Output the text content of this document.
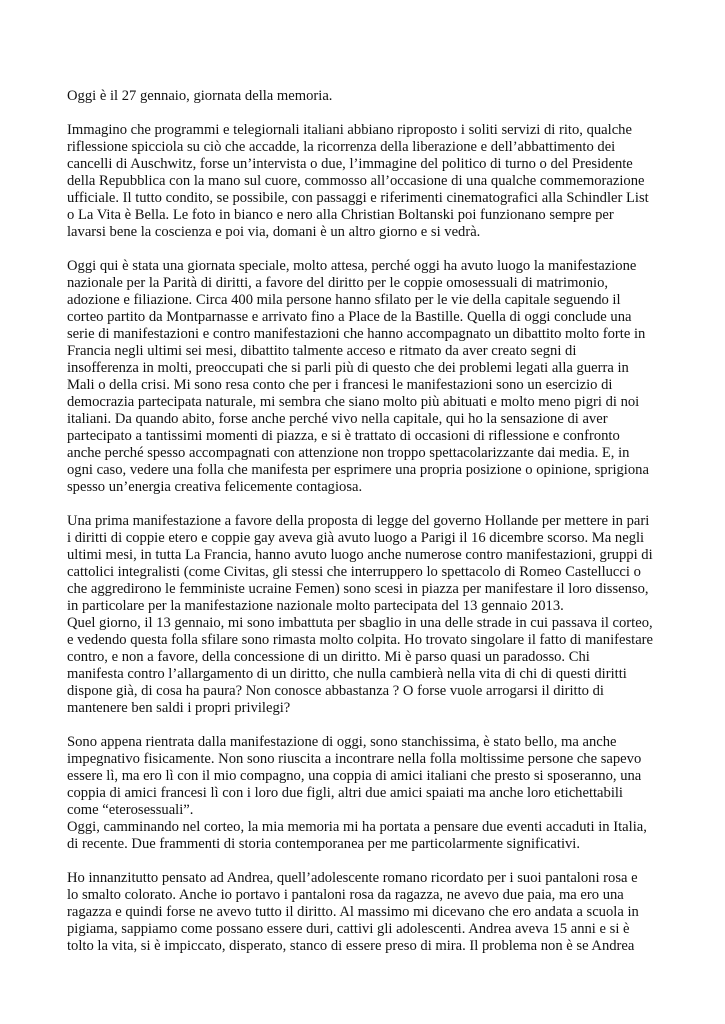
Oggi è il 27 gennaio, giornata della memoria.
Immagino che programmi e telegiornali italiani abbiano riproposto i soliti servizi di rito, qualche
riflessione spicciola su ciò che accadde, la ricorrenza della liberazione e dell’abbattimento dei
cancelli di Auschwitz, forse un’intervista o due, l’immagine del politico di turno o del Presidente
della Repubblica con la mano sul cuore, commosso all’occasione di una qualche commemorazione
ufficiale. Il tutto condito, se possibile, con passaggi e riferimenti cinematografici alla Schindler List
o La Vita è Bella. Le foto in bianco e nero alla Christian Boltanski poi funzionano sempre per
lavarsi bene la coscienza e poi via, domani è un altro giorno e si vedrà.
Oggi qui è stata una giornata speciale, molto attesa, perché oggi ha avuto luogo la manifestazione
nazionale per la Parità di diritti, a favore del diritto per le coppie omosessuali di matrimonio,
adozione e filiazione. Circa 400 mila persone hanno sfilato per le vie della capitale seguendo il
corteo partito da Montparnasse e arrivato fino a Place de la Bastille. Quella di oggi conclude una
serie di manifestazioni e contro manifestazioni che hanno accompagnato un dibattito molto forte in
Francia negli ultimi sei mesi, dibattito talmente acceso e ritmato da aver creato segni di
insofferenza in molti, preoccupati che si parli più di questo che dei problemi legati alla guerra in
Mali o della crisi. Mi sono resa conto che per i francesi le manifestazioni sono un esercizio di
democrazia partecipata naturale, mi sembra che siano molto più abituati e molto meno pigri di noi
italiani. Da quando abito, forse anche perché vivo nella capitale, qui ho la sensazione di aver
partecipato a tantissimi momenti di piazza, e si è trattato di occasioni di riflessione e confronto
anche perché spesso accompagnati con attenzione non troppo spettacolarizzante dai media. E, in
ogni caso, vedere una folla che manifesta per esprimere una propria posizione o opinione, sprigiona
spesso un’energia creativa felicemente contagiosa.
Una prima manifestazione a favore della proposta di legge del governo Hollande per mettere in pari
i diritti di coppie etero e coppie gay aveva già avuto luogo a Parigi il 16 dicembre scorso. Ma negli
ultimi mesi, in tutta La Francia, hanno avuto luogo anche numerose contro manifestazioni, gruppi di
cattolici integralisti (come Civitas, gli stessi che interruppero lo spettacolo di Romeo Castellucci o
che aggredirono le femministe ucraine Femen) sono scesi in piazza per manifestare il loro dissenso,
in particolare per la manifestazione nazionale molto partecipata del 13 gennaio 2013.
Quel giorno, il 13 gennaio, mi sono imbattuta per sbaglio in una delle strade in cui passava il corteo,
e vedendo questa folla sfilare sono rimasta molto colpita. Ho trovato singolare il fatto di manifestare
contro, e non a favore, della concessione di un diritto. Mi è parso quasi un paradosso. Chi
manifesta contro l’allargamento di un diritto, che nulla cambierà nella vita di chi di questi diritti
dispone già, di cosa ha paura? Non conosce abbastanza ? O forse vuole arrogarsi il diritto di
mantenere ben saldi i propri privilegi?
Sono appena rientrata dalla manifestazione di oggi, sono stanchissima, è stato bello, ma anche
impegnativo fisicamente. Non sono riuscita a incontrare nella folla moltissime persone che sapevo
essere lì, ma ero lì con il mio compagno, una coppia di amici italiani che presto si sposeranno, una
coppia di amici francesi lì con i loro due figli, altri due amici spaiati ma anche loro etichettabili
come “eterosessuali”.
Oggi, camminando nel corteo, la mia memoria mi ha portata a pensare due eventi accaduti in Italia,
di recente. Due frammenti di storia contemporanea per me particolarmente significativi.
Ho innanzitutto pensato ad Andrea, quell’adolescente romano ricordato per i suoi pantaloni rosa e
lo smalto colorato. Anche io portavo i pantaloni rosa da ragazza, ne avevo due paia, ma ero una
ragazza e quindi forse ne avevo tutto il diritto. Al massimo mi dicevano che ero andata a scuola in
pigiama, sappiamo come possano essere duri, cattivi gli adolescenti. Andrea aveva 15 anni e si è
tolto la vita, si è impiccato, disperato, stanco di essere preso di mira. Il problema non è se Andrea
